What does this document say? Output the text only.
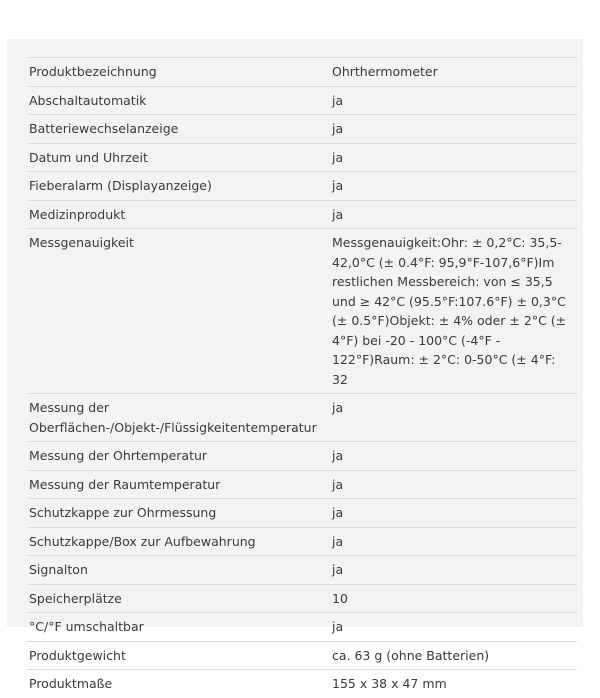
Produktbezeichnung	Ohrthermometer
Abschaltautomatik	ja
Batteriewechselanzeige	ja
Datum und Uhrzeit	ja
Fieberalarm (Displayanzeige)	ja
Medizinprodukt	ja
Messgenauigkeit	Messgenauigkeit:Ohr: ± 0,2°C: 35,5-42,0°C (± 0.4°F: 95,9°F-107,6°F)Im restlichen Messbereich: von ≤ 35,5 und ≥ 42°C (95.5°F:107.6°F) ± 0,3°C (± 0.5°F)Objekt: ± 4% oder ± 2°C (± 4°F) bei -20 - 100°C (-4°F - 122°F)Raum: ± 2°C: 0-50°C (± 4°F: 32
Messung der Oberflächen-/Objekt-/Flüssigkeitentemperatur	ja
Messung der Ohrtemperatur	ja
Messung der Raumtemperatur	ja
Schutzkappe zur Ohrmessung	ja
Schutzkappe/Box zur Aufbewahrung	ja
Signalton	ja
Speicherplätze	10
°C/°F umschaltbar	ja
Produktgewicht	ca. 63 g (ohne Batterien)
Produktmaße	155 x 38 x 47 mm
